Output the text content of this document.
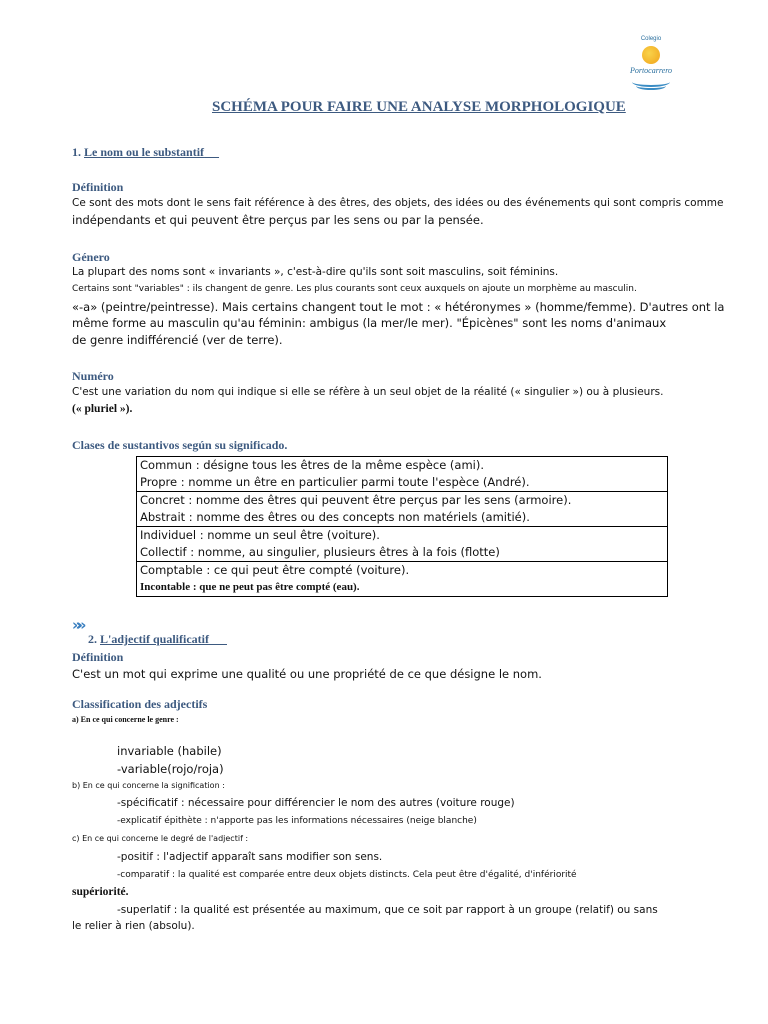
Colegio
Portocarrero
SCHÉMA POUR FAIRE UNE ANALYSE MORPHOLOGIQUE
1. Le nom ou le substantif
Définition
Ce sont des mots dont le sens fait référence à des êtres, des objets, des idées ou des événements qui sont compris comme
indépendants et qui peuvent être perçus par les sens ou par la pensée.
Género
La plupart des noms sont « invariants », c'est-à-dire qu'ils sont soit masculins, soit féminins.
Certains sont "variables" : ils changent de genre. Les plus courants sont ceux auxquels on ajoute un morphème au masculin.
«-a» (peintre/peintresse). Mais certains changent tout le mot : « hétéronymes » (homme/femme). D'autres ont la
même forme au masculin qu'au féminin: ambigus (la mer/le mer). "Épicènes" sont les noms d'animaux
de genre indifférencié (ver de terre).
Numéro
C'est une variation du nom qui indique si elle se réfère à un seul objet de la réalité (« singulier ») ou à plusieurs.
(« pluriel »).
Clases de sustantivos según su significado.
Commun : désigne tous les êtres de la même espèce (ami).
Propre : nomme un être en particulier parmi toute l'espèce (André).
Concret : nomme des êtres qui peuvent être perçus par les sens (armoire).
Abstrait : nomme des êtres ou des concepts non matériels (amitié).
Individuel : nomme un seul être (voiture).
Collectif : nomme, au singulier, plusieurs êtres à la fois (flotte)
Comptable : ce qui peut être compté (voiture).
Incontable : que ne peut pas être compté (eau).
»»
2. L'adjectif qualificatif
Définition
C'est un mot qui exprime une qualité ou une propriété de ce que désigne le nom.
Classification des adjectifs
a) En ce qui concerne le genre :
invariable (habile)
-variable(rojo/roja)
b) En ce qui concerne la signification :
-spécificatif : nécessaire pour différencier le nom des autres (voiture rouge)
-explicatif épithète : n'apporte pas les informations nécessaires (neige blanche)
c) En ce qui concerne le degré de l'adjectif :
-positif : l'adjectif apparaît sans modifier son sens.
-comparatif : la qualité est comparée entre deux objets distincts. Cela peut être d'égalité, d'infériorité
supériorité.
-superlatif : la qualité est présentée au maximum, que ce soit par rapport à un groupe (relatif) ou sans
le relier à rien (absolu).
